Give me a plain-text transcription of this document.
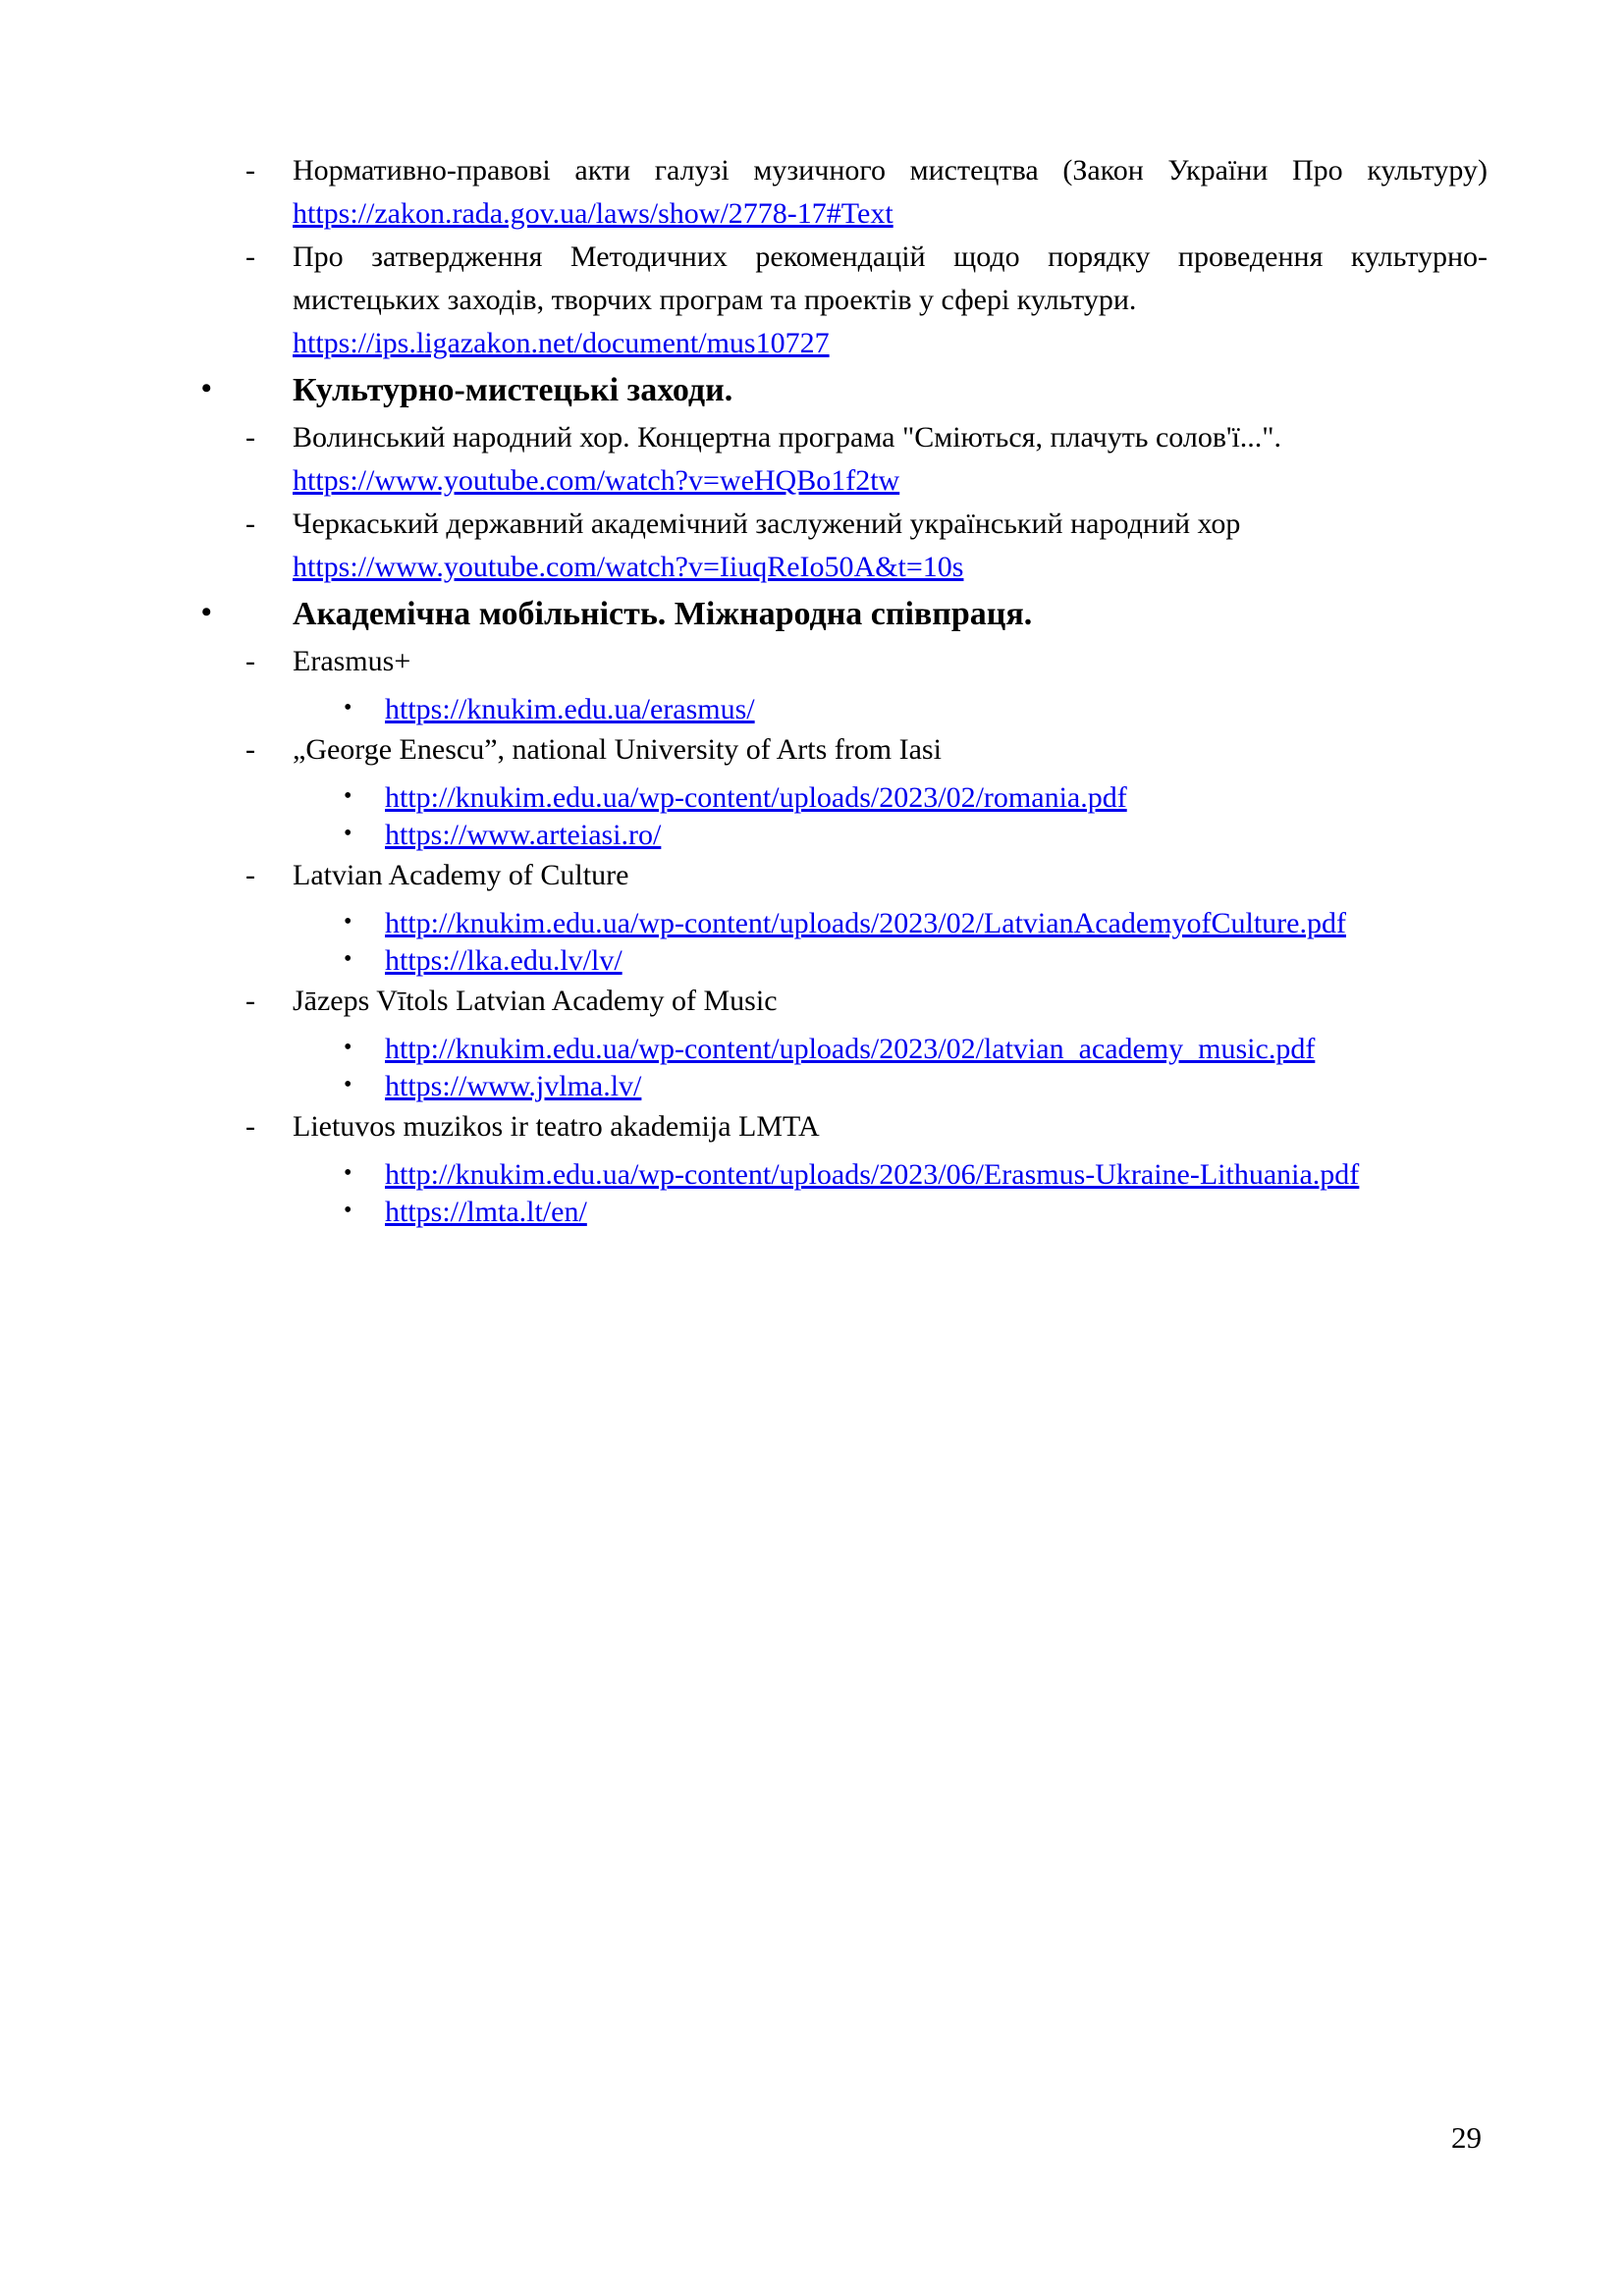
-	Нормативно-правові акти галузі музичного мистецтва (Закон України Про культуру)
https://zakon.rada.gov.ua/laws/show/2778-17#Text
-	Про затвердження Методичних рекомендацій щодо порядку проведення культурно-мистецьких заходів, творчих програм та проектів у сфері культури.
https://ips.ligazakon.net/document/mus10727
• Культурно-мистецькі заходи.
-	Волинський народний хор. Концертна програма "Сміються, плачуть солов'ї...".
https://www.youtube.com/watch?v=weHQBo1f2tw
-	Черкаський державний академічний заслужений український народний хор
https://www.youtube.com/watch?v=IiuqReIo50A&t=10s
• Академічна мобільність. Міжнародна співпраця.
-	Erasmus+
• https://knukim.edu.ua/erasmus/
-	„George Enescu”, national University of Arts from Iasi
• http://knukim.edu.ua/wp-content/uploads/2023/02/romania.pdf
• https://www.arteiasi.ro/
-	Latvian Academy of Culture
• http://knukim.edu.ua/wp-content/uploads/2023/02/LatvianAcademyofCulture.pdf
• https://lka.edu.lv/lv/
-	Jāzeps Vītols Latvian Academy of Music
• http://knukim.edu.ua/wp-content/uploads/2023/02/latvian_academy_music.pdf
• https://www.jvlma.lv/
-	Lietuvos muzikos ir teatro akademija LMTA
• http://knukim.edu.ua/wp-content/uploads/2023/06/Erasmus-Ukraine-Lithuania.pdf
• https://lmta.lt/en/
29
